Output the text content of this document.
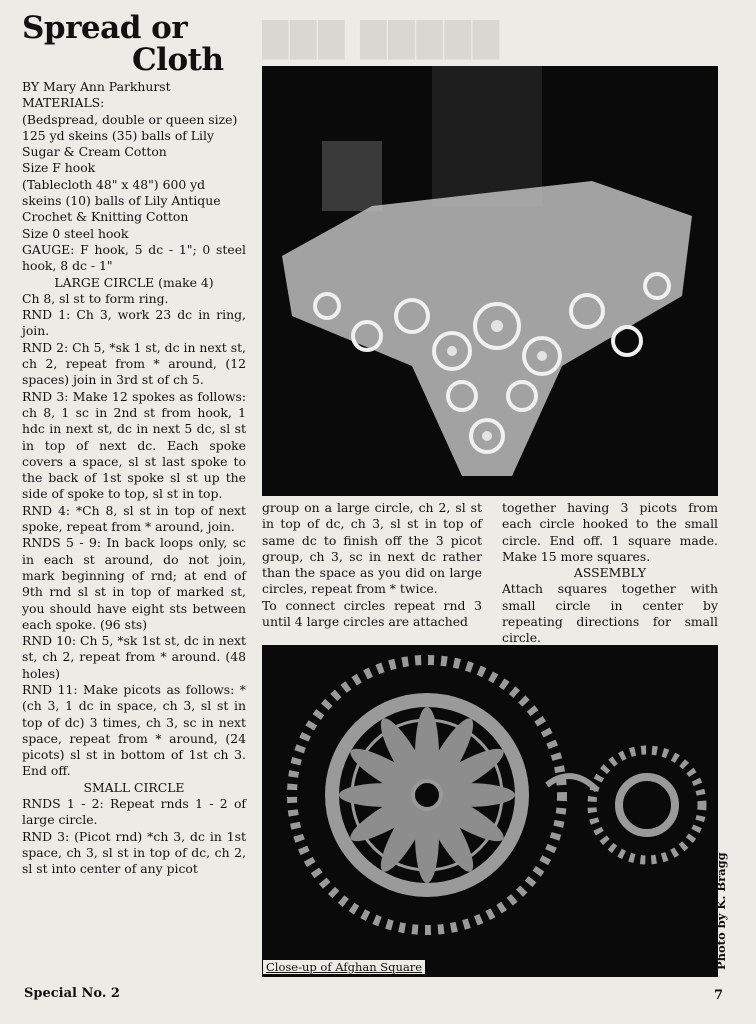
███ █████
Spread or
Cloth

BY Mary Ann Parkhurst

MATERIALS:

(Bedspread, double or queen size) 125 yd skeins (35) balls of Lily Sugar & Cream Cotton

Size F hook

(Tablecloth 48" x 48") 600 yd skeins (10) balls of Lily Antique Crochet & Knitting Cotton

Size 0 steel hook

GAUGE: F hook, 5 dc - 1"; 0 steel hook, 8 dc - 1"

LARGE CIRCLE (make 4)

Ch 8, sl st to form ring.

RND 1: Ch 3, work 23 dc in ring, join.

RND 2: Ch 5, *sk 1 st, dc in next st, ch 2, repeat from * around, (12 spaces) join in 3rd st of ch 5.

RND 3: Make 12 spokes as follows: ch 8, 1 sc in 2nd st from hook, 1 hdc in next st, dc in next 5 dc, sl st in top of next dc. Each spoke covers a space, sl st last spoke to the back of 1st spoke sl st up the side of spoke to top, sl st in top.

RND 4: *Ch 8, sl st in top of next spoke, repeat from * around, join.

RNDS 5 - 9: In back loops only, sc in each st around, do not join, mark beginning of rnd; at end of 9th rnd sl st in top of marked st, you should have eight sts between each spoke. (96 sts)

RND 10: Ch 5, *sk 1st st, dc in next st, ch 2, repeat from * around. (48 holes)

RND 11: Make picots as follows: *(ch 3, 1 dc in space, ch 3, sl st in top of dc) 3 times, ch 3, sc in next space, repeat from * around, (24 picots) sl st in bottom of 1st ch 3. End off.

SMALL CIRCLE

RNDS 1 - 2: Repeat rnds 1 - 2 of large circle.

RND 3: (Picot rnd) *ch 3, dc in 1st space, ch 3, sl st in top of dc, ch 2, sl st into center of any picot

group on a large circle, ch 2, sl st in top of dc, ch 3, sl st in top of same dc to finish off the 3 picot group, ch 3, sc in next dc rather than the space as you did on large circles, repeat from * twice.

To connect circles repeat rnd 3 until 4 large circles are attached

together having 3 picots from each circle hooked to the small circle. End off. 1 square made. Make 15 more squares.

ASSEMBLY

Attach squares together with small circle in center by repeating directions for small circle.

Close-up of Afghan Square	Photo by K. Bragg
Special No. 2	7
